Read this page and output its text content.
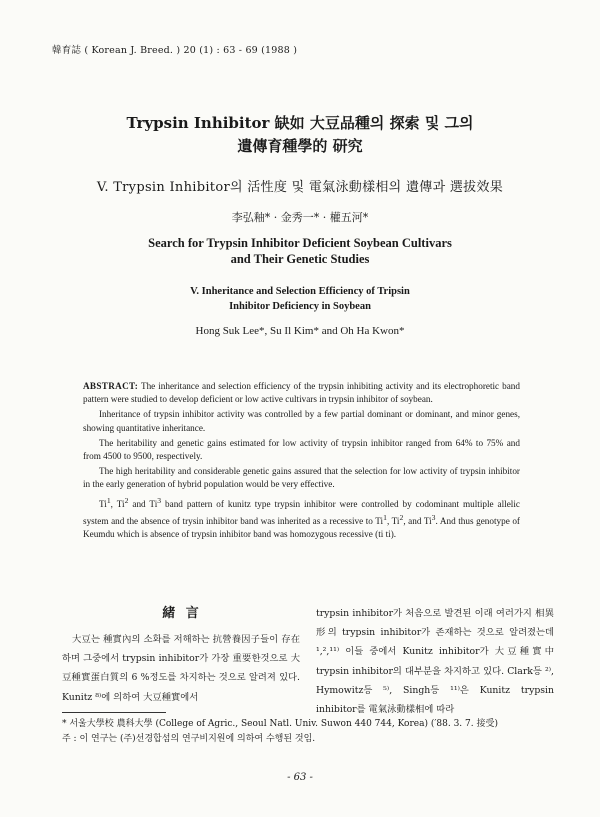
韓育誌 ( Korean J. Breed. ) 20 (1) : 63 - 69 (1988 )
Trypsin Inhibitor 缺如 大豆品種의 探索 및 그의
遺傳育種學的 研究
V. Trypsin Inhibitor의 活性度 및 電氣泳動樣相의 遺傳과 選拔效果
李弘釉* · 金秀一* · 權五河*
Search for Trypsin Inhibitor Deficient Soybean Cultivars
and Their Genetic Studies
V. Inheritance and Selection Efficiency of Tripsin
Inhibitor Deficiency in Soybean
Hong Suk Lee*, Su Il Kim* and Oh Ha Kwon*

ABSTRACT: The inheritance and selection efficiency of the trypsin inhibiting activity and its electrophoretic band pattern were studied to develop deficient or low active cultivars in trypsin inhibitor of soybean.

Inheritance of trypsin inhibitor activity was controlled by a few partial dominant or dominant, and minor genes, showing quantitative inheritance.

The heritability and genetic gains estimated for low activity of trypsin inhibitor ranged from 64% to 75% and from 4500 to 9500, respectively.

The high heritability and considerable genetic gains assured that the selection for low activity of trypsin inhibitor in the early generation of hybrid population would be very effective.

Ti$^1$, Ti$^2$ and Ti$^3$ band pattern of kunitz type trypsin inhibitor were controlled by codominant multiple allelic system and the absence of trysin inhibitor band was inherited as a recessive to Ti$^1$, Ti$^2$, and Ti$^3$. And thus genotype of Keumdu which is absence of trypsin inhibitor band was homozygous recessive (ti ti).

緒 言
大豆는 種實內의 소화를 저해하는 抗營養因子들이 存在하며 그중에서 trypsin inhibitor가 가장 重要한것으로 大豆種實蛋白質의 6 %정도를 차지하는 것으로 알려져 있다. Kunitz ⁸⁾에 의하여 大豆種實에서
trypsin inhibitor가 처음으로 발견된 이래 여러가지 相異形의 trypsin inhibitor가 존재하는 것으로 알려졌는데 ¹,²,¹¹⁾ 이들 중에서 Kunitz inhibitor가 大豆種實中 trypsin inhibitor의 대부분을 차지하고 있다. Clark등 ²⁾, Hymowitz등 ⁵⁾, Singh등 ¹¹⁾은 Kunitz trypsin inhibitor를 電氣泳動樣相에 따라
* 서울大學校 農科大學 (College of Agric., Seoul Natl. Univ. Suwon 440 744, Korea) (′88. 3. 7. 接受)
주 : 이 연구는 (주)선경합섬의 연구비지원에 의하여 수행된 것임.
- 63 -
